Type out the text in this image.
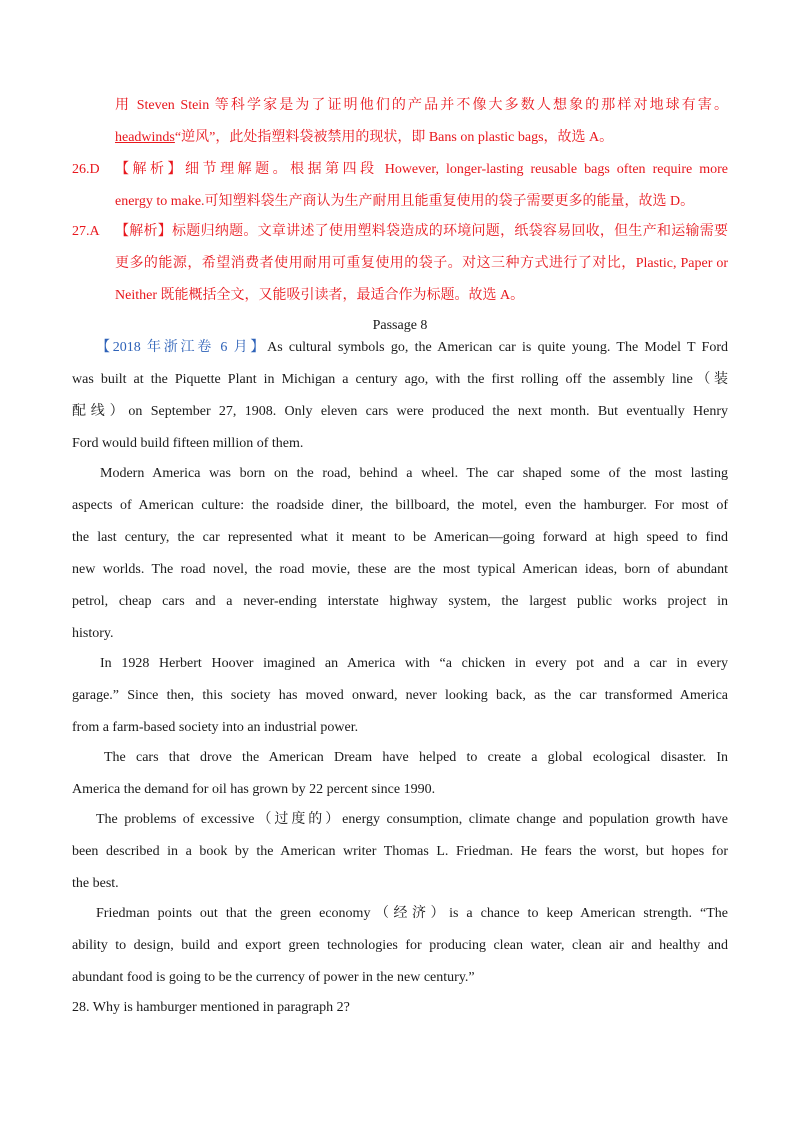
用 Steven Stein 等科学家是为了证明他们的产品并不像大多数人想象的那样对地球有害。
headwinds“逆风”，此处指塑料袋被禁用的现状，即 Bans on plastic bags，故选 A。
26.D 【解析】细节理解题。根据第四段 However, longer-lasting reusable bags often require more
energy to make.可知塑料袋生产商认为生产耐用且能重复使用的袋子需要更多的能量，故选 D。
27.A 【解析】标题归纳题。文章讲述了使用塑料袋造成的环境问题，纸袋容易回收，但生产和运输需要
更多的能源，希望消费者使用耐用可重复使用的袋子。对这三种方式进行了对比，Plastic, Paper or
Neither 既能概括全文，又能吸引读者，最适合作为标题。故选 A。
Passage 8
【2018 年浙江卷 6 月】As cultural symbols go, the American car is quite young. The Model T Ford
was built at the Piquette Plant in Michigan a century ago, with the first rolling off the assembly line（装
配线）on September 27, 1908. Only eleven cars were produced the next month. But eventually Henry
Ford would build fifteen million of them.
Modern America was born on the road, behind a wheel. The car shaped some of the most lasting
aspects of American culture: the roadside diner, the billboard, the motel, even the hamburger. For most of
the last century, the car represented what it meant to be American—going forward at high speed to find
new worlds. The road novel, the road movie, these are the most typical American ideas, born of abundant
petrol, cheap cars and a never-ending interstate highway system, the largest public works project in
history.
In 1928 Herbert Hoover imagined an America with “a chicken in every pot and a car in every
garage.” Since then, this society has moved onward, never looking back, as the car transformed America
from a farm-based society into an industrial power.
The cars that drove the American Dream have helped to create a global ecological disaster. In
America the demand for oil has grown by 22 percent since 1990.
The problems of excessive（过度的）energy consumption, climate change and population growth have
been described in a book by the American writer Thomas L. Friedman. He fears the worst, but hopes for
the best.
Friedman points out that the green economy（经济）is a chance to keep American strength. “The
ability to design, build and export green technologies for producing clean water, clean air and healthy and
abundant food is going to be the currency of power in the new century.”
28. Why is hamburger mentioned in paragraph 2?
